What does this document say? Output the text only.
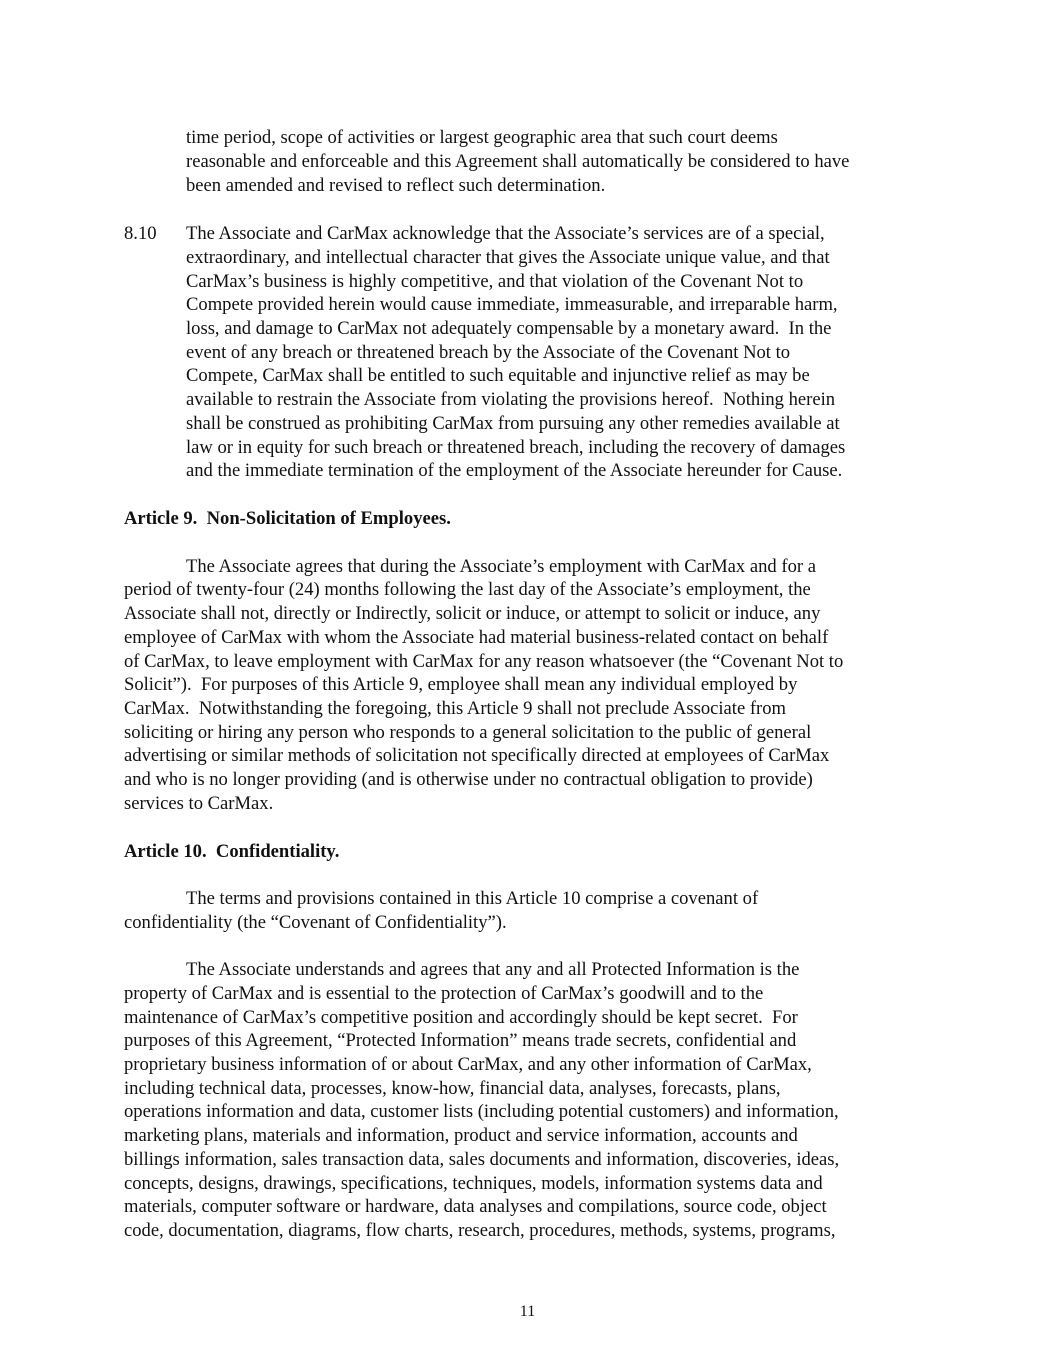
time period, scope of activities or largest geographic area that such court deems
reasonable and enforceable and this Agreement shall automatically be considered to have
been amended and revised to reflect such determination.
8.10 The Associate and CarMax acknowledge that the Associate’s services are of a special,
extraordinary, and intellectual character that gives the Associate unique value, and that
CarMax’s business is highly competitive, and that violation of the Covenant Not to
Compete provided herein would cause immediate, immeasurable, and irreparable harm,
loss, and damage to CarMax not adequately compensable by a monetary award.  In the
event of any breach or threatened breach by the Associate of the Covenant Not to
Compete, CarMax shall be entitled to such equitable and injunctive relief as may be
available to restrain the Associate from violating the provisions hereof.  Nothing herein
shall be construed as prohibiting CarMax from pursuing any other remedies available at
law or in equity for such breach or threatened breach, including the recovery of damages
and the immediate termination of the employment of the Associate hereunder for Cause.
Article 9.  Non-Solicitation of Employees.
The Associate agrees that during the Associate’s employment with CarMax and for a
period of twenty-four (24) months following the last day of the Associate’s employment, the
Associate shall not, directly or Indirectly, solicit or induce, or attempt to solicit or induce, any
employee of CarMax with whom the Associate had material business-related contact on behalf
of CarMax, to leave employment with CarMax for any reason whatsoever (the “Covenant Not to
Solicit”).  For purposes of this Article 9, employee shall mean any individual employed by
CarMax.  Notwithstanding the foregoing, this Article 9 shall not preclude Associate from
soliciting or hiring any person who responds to a general solicitation to the public of general
advertising or similar methods of solicitation not specifically directed at employees of CarMax
and who is no longer providing (and is otherwise under no contractual obligation to provide)
services to CarMax.
Article 10.  Confidentiality.
The terms and provisions contained in this Article 10 comprise a covenant of
confidentiality (the “Covenant of Confidentiality”).
The Associate understands and agrees that any and all Protected Information is the
property of CarMax and is essential to the protection of CarMax’s goodwill and to the
maintenance of CarMax’s competitive position and accordingly should be kept secret.  For
purposes of this Agreement, “Protected Information” means trade secrets, confidential and
proprietary business information of or about CarMax, and any other information of CarMax,
including technical data, processes, know-how, financial data, analyses, forecasts, plans,
operations information and data, customer lists (including potential customers) and information,
marketing plans, materials and information, product and service information, accounts and
billings information, sales transaction data, sales documents and information, discoveries, ideas,
concepts, designs, drawings, specifications, techniques, models, information systems data and
materials, computer software or hardware, data analyses and compilations, source code, object
code, documentation, diagrams, flow charts, research, procedures, methods, systems, programs,
11
